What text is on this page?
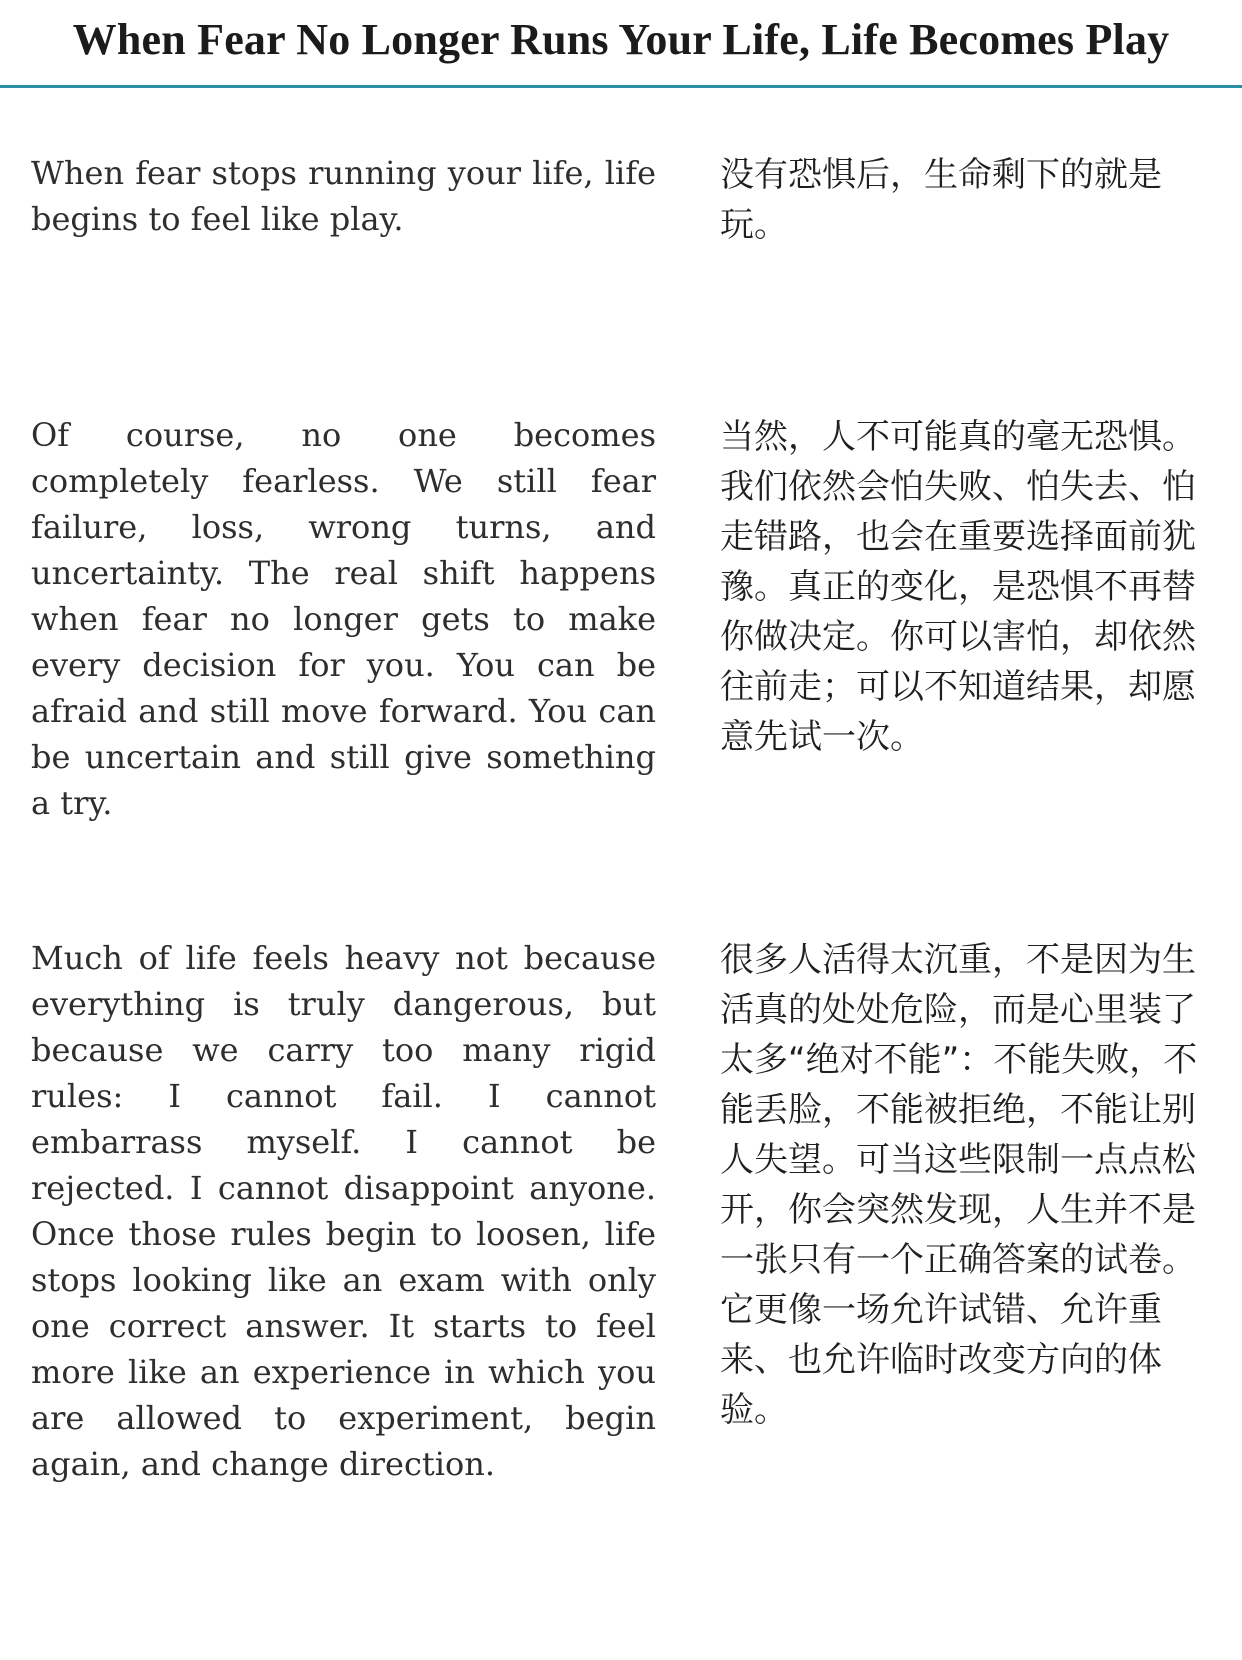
When Fear No Longer Runs Your Life, Life Becomes Play

When fear stops running your life, life begins to feel like play.

没有恐惧后，生命剩下的就是玩。

Of course, no one becomes completely fearless. We still fear failure, loss, wrong turns, and uncertainty. The real shift happens when fear no longer gets to make every decision for you. You can be afraid and still move forward. You can be uncertain and still give something a try.

当然，人不可能真的毫无恐惧。我们依然会怕失败、怕失去、怕走错路，也会在重要选择面前犹豫。真正的变化，是恐惧不再替你做决定。你可以害怕，却依然往前走；可以不知道结果，却愿意先试一次。

Much of life feels heavy not because everything is truly dangerous, but because we carry too many rigid rules: I cannot fail. I cannot embarrass myself. I cannot be rejected. I cannot disappoint anyone. Once those rules begin to loosen, life stops looking like an exam with only one correct answer. It starts to feel more like an experience in which you are allowed to experiment, begin again, and change direction.

很多人活得太沉重，不是因为生活真的处处危险，而是心里装了太多“绝对不能”：不能失败，不能丢脸，不能被拒绝，不能让别人失望。可当这些限制一点点松开，你会突然发现，人生并不是一张只有一个正确答案的试卷。它更像一场允许试错、允许重来、也允许临时改变方向的体验。
